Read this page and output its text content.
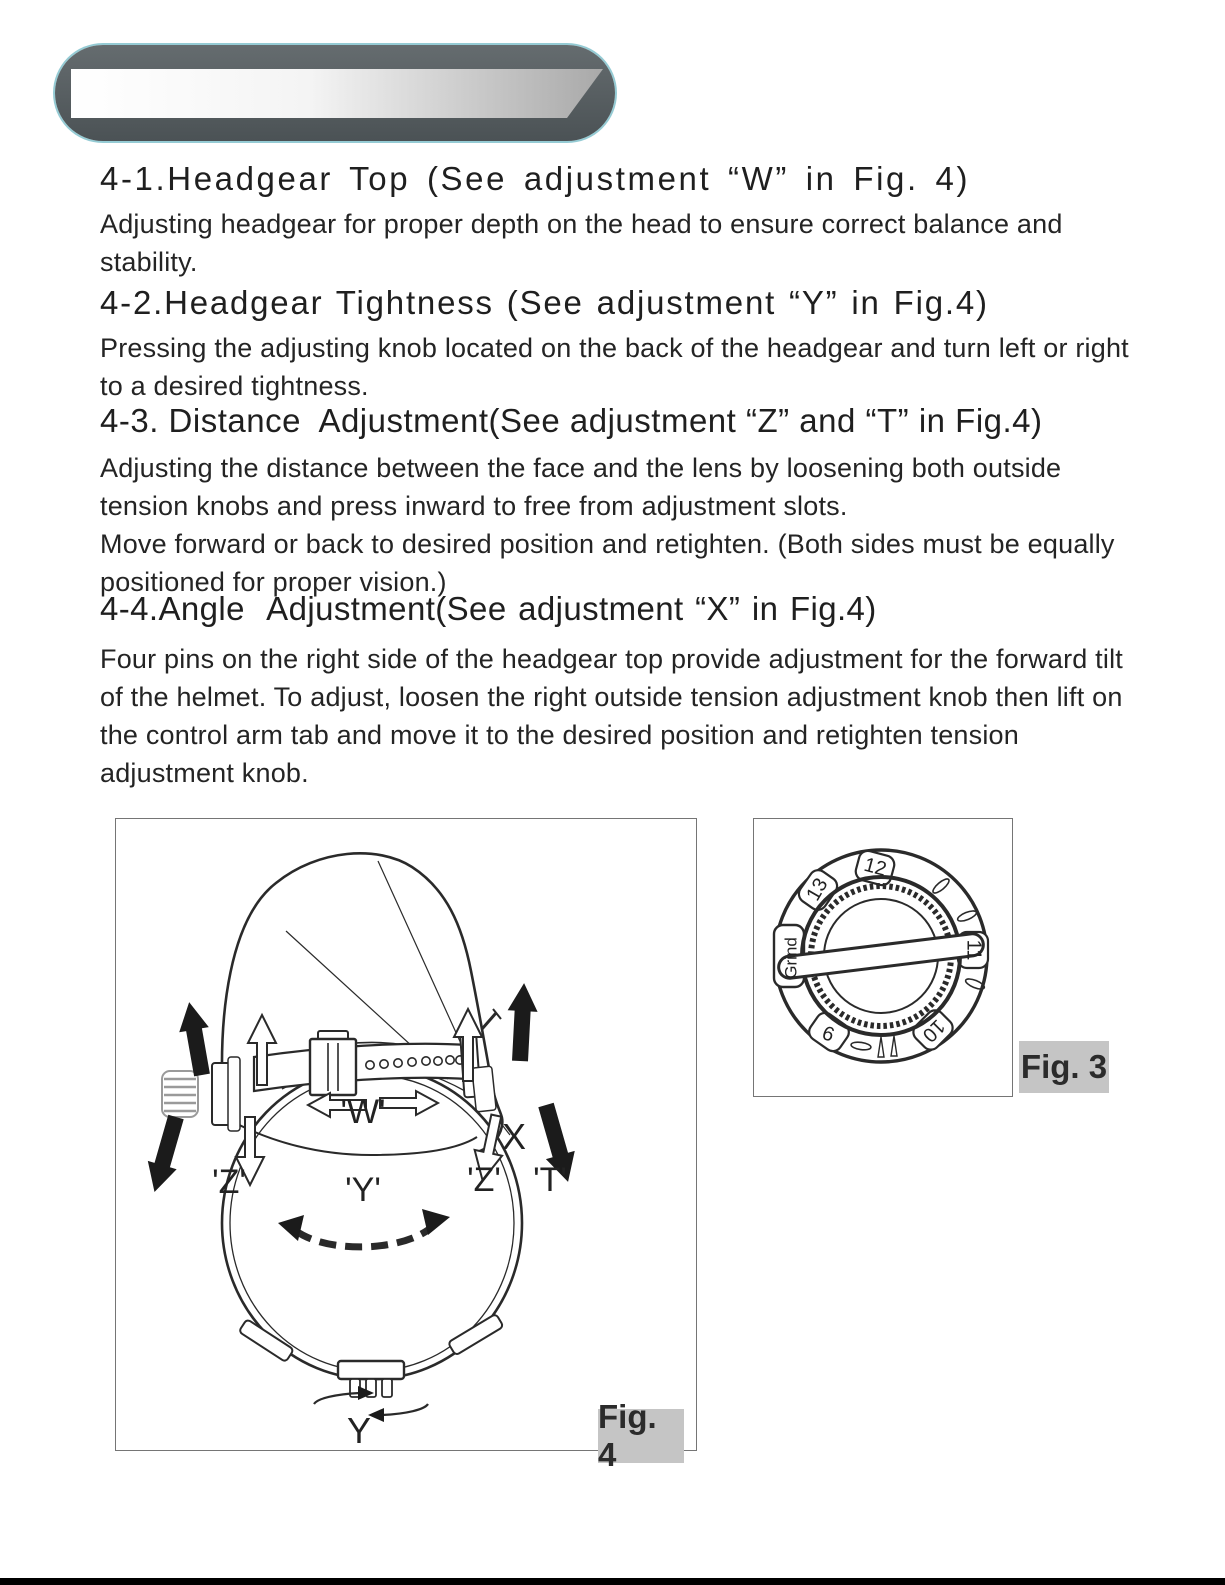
4-1.Headgear Top (See adjustment “W” in Fig. 4)

Adjusting headgear for proper depth on the head to ensure correct balance and stability.

4-2.Headgear Tightness (See adjustment “Y” in Fig.4)

Pressing the adjusting knob located on the back of the headgear and turn left or right to a desired tightness.

4-3. Distance  Adjustment(See adjustment “Z” and “T” in Fig.4)

Adjusting the distance between the face and the lens by loosening both outside tension knobs and press inward to free from adjustment slots.

Move forward or back to desired position and retighten. (Both sides must be equally positioned for proper vision.)

4-4.Angle  Adjustment(See adjustment “X” in Fig.4)

Four pins on the right side of the headgear top provide adjustment for the forward tilt of the helmet. To adjust, loosen the right outside tension adjustment knob then lift on the control arm tab and move it to the desired position and retighten tension adjustment knob.

'W'
X
'Z'	'Y'	'Z' 'T'
Y
Grind
13
12
11
10
9
Fig. 3
Fig. 4
